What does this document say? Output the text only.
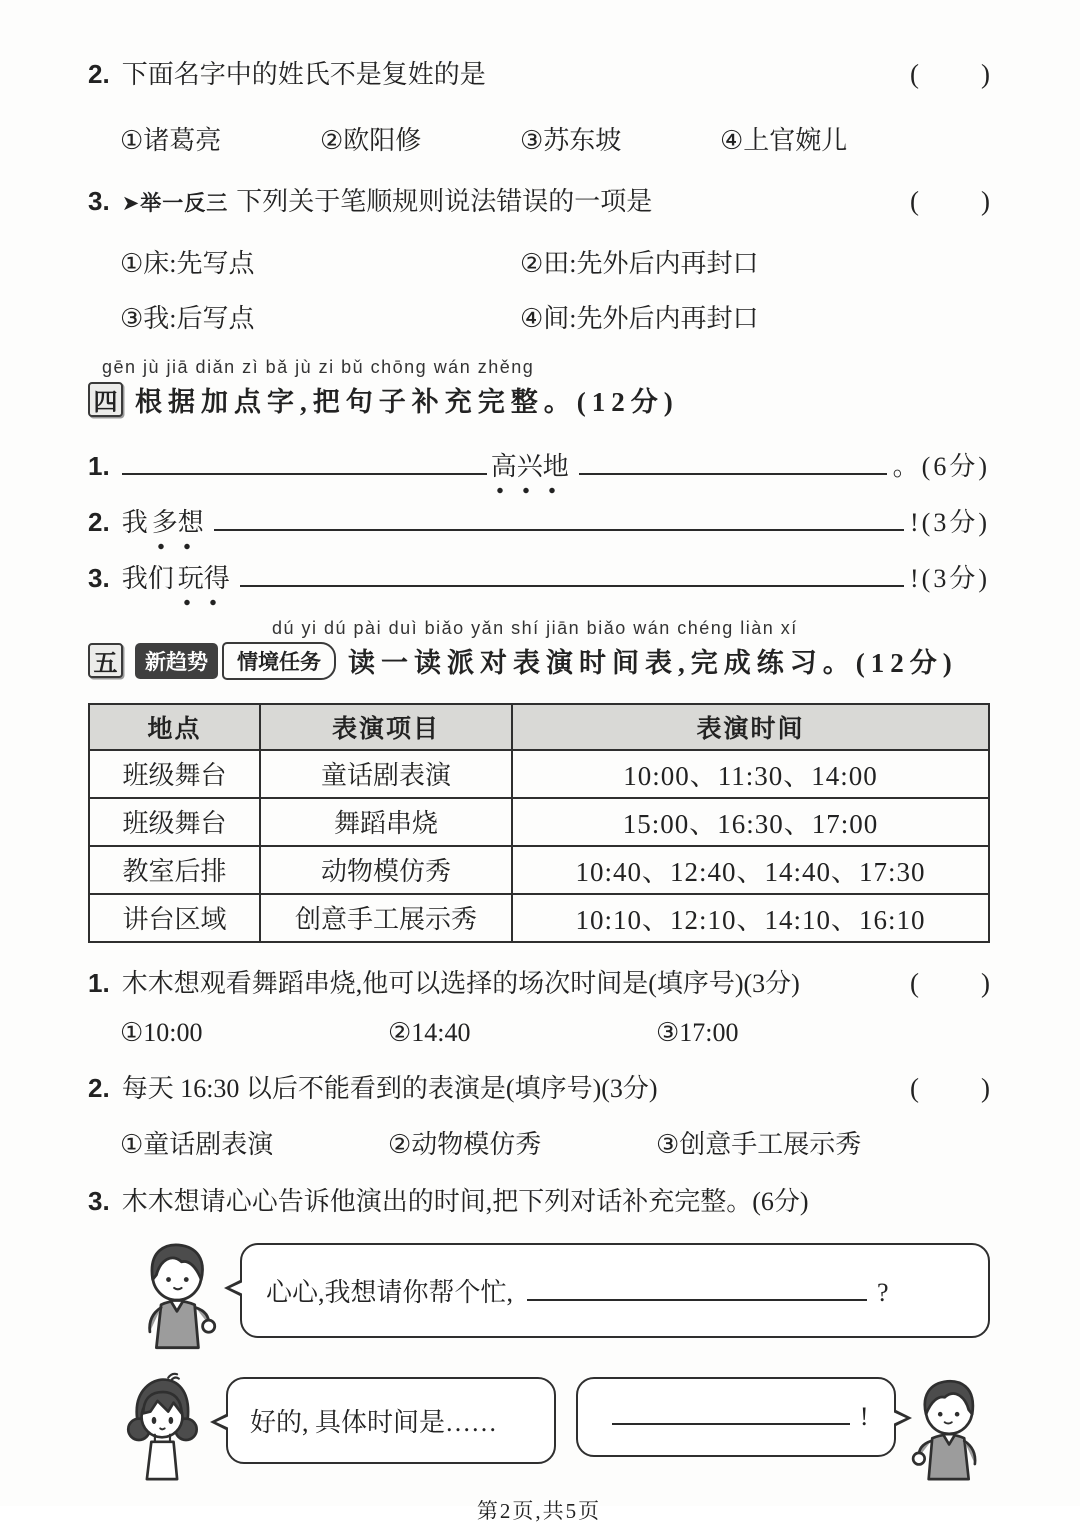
2. 下面名字中的姓氏不是复姓的是	( )
①诸葛亮	②欧阳修	③苏东坡	④上官婉儿
3. ➤举一反三 下列关于笔顺规则说法错误的一项是	( )
①床:先写点	②田:先外后内再封口
③我:后写点	④间:先外后内再封口
gēn jù jiā diǎn zì bǎ jù zi bǔ chōng wán zhěng
四 根据加点字,把句子补充完整。(12分)
1.	高兴地	。(6分)
2. 我 多想	!(3分)
3. 我们 玩得	!(3分)
dú yi dú pài duì biǎo yǎn shí jiān biǎo wán chéng liàn xí
五	新趋势	情境任务	读一读派对表演时间表,完成练习。(12分)
地点	表演项目	表演时间
班级舞台	童话剧表演	10:00、11:30、14:00
班级舞台	舞蹈串烧	15:00、16:30、17:00
教室后排	动物模仿秀	10:40、12:40、14:40、17:30
讲台区域	创意手工展示秀	10:10、12:10、14:10、16:10
1. 木木想观看舞蹈串烧,他可以选择的场次时间是(填序号)(3分)	( )
①10:00	②14:40	③17:00
2. 每天 16:30 以后不能看到的表演是(填序号)(3分)	( )
①童话剧表演	②动物模仿秀	③创意手工展示秀
3. 木木想请心心告诉他演出的时间,把下列对话补充完整。(6分)
心心,我想请你帮个忙,	?
好的, 具体时间是……	!
第2页,共5页
